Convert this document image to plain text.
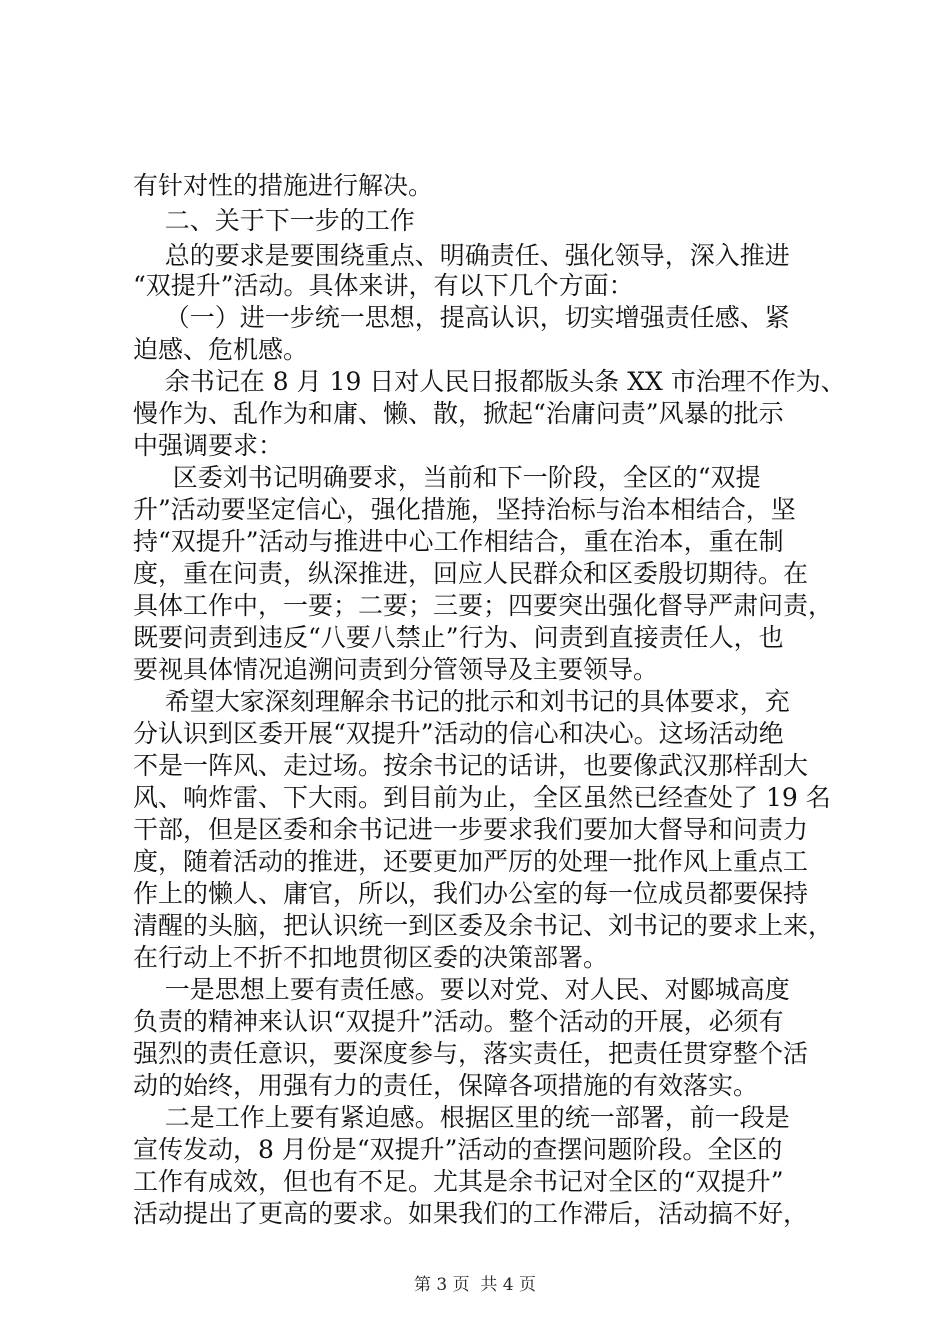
有针对性的措施进行解决。
二、关于下一步的工作
总的要求是要围绕重点、明确责任、强化领导，深入推进
“双提升”活动。具体来讲，有以下几个方面：
（一）进一步统一思想，提高认识，切实增强责任感、紧
迫感、危机感。
余书记在 8 月 19 日对人民日报都版头条 XX 市治理不作为、
慢作为、乱作为和庸、懒、散，掀起“治庸问责”风暴的批示
中强调要求：
区委刘书记明确要求，当前和下一阶段，全区的“双提
升”活动要坚定信心，强化措施，坚持治标与治本相结合，坚
持“双提升”活动与推进中心工作相结合，重在治本，重在制
度，重在问责，纵深推进，回应人民群众和区委殷切期待。在
具体工作中，一要；二要；三要；四要突出强化督导严肃问责，
既要问责到违反“八要八禁止”行为、问责到直接责任人，也
要视具体情况追溯问责到分管领导及主要领导。
希望大家深刻理解余书记的批示和刘书记的具体要求，充
分认识到区委开展“双提升”活动的信心和决心。这场活动绝
不是一阵风、走过场。按余书记的话讲，也要像武汉那样刮大
风、响炸雷、下大雨。到目前为止，全区虽然已经查处了 19 名
干部，但是区委和余书记进一步要求我们要加大督导和问责力
度，随着活动的推进，还要更加严厉的处理一批作风上重点工
作上的懒人、庸官，所以，我们办公室的每一位成员都要保持
清醒的头脑，把认识统一到区委及余书记、刘书记的要求上来，
在行动上不折不扣地贯彻区委的决策部署。
一是思想上要有责任感。要以对党、对人民、对郾城高度
负责的精神来认识“双提升”活动。整个活动的开展，必须有
强烈的责任意识，要深度参与，落实责任，把责任贯穿整个活
动的始终，用强有力的责任，保障各项措施的有效落实。
二是工作上要有紧迫感。根据区里的统一部署，前一段是
宣传发动，8 月份是“双提升”活动的查摆问题阶段。全区的
工作有成效，但也有不足。尤其是余书记对全区的“双提升”
活动提出了更高的要求。如果我们的工作滞后，活动搞不好，
第 3 页  共 4 页
